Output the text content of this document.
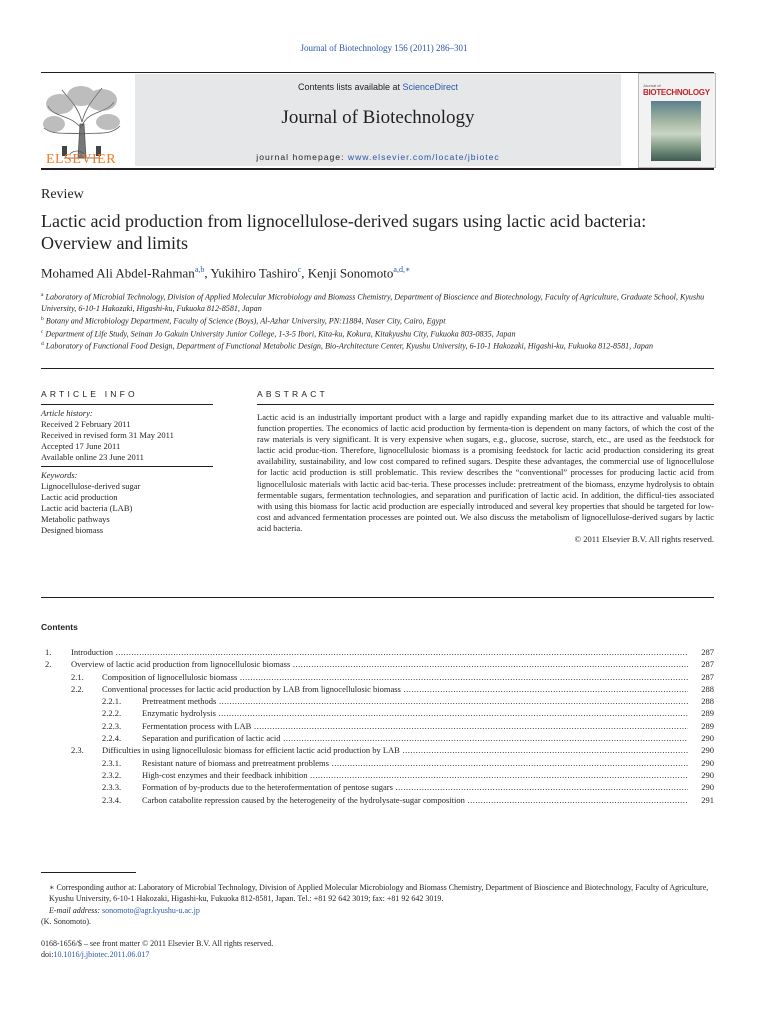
Journal of Biotechnology 156 (2011) 286–301
ELSEVIER
Contents lists available at ScienceDirect
Journal of Biotechnology
journal homepage: www.elsevier.com/locate/jbiotec
Journal of
BIOTECHNOLOGY
Review
Lactic acid production from lignocellulose-derived sugars using lactic acid bacteria: Overview and limits
Mohamed Ali Abdel-Rahman$^{a,b}$, Yukihiro Tashiro$^c$, Kenji Sonomoto$^{a,d,∗}$
$^a$ Laboratory of Microbial Technology, Division of Applied Molecular Microbiology and Biomass Chemistry, Department of Bioscience and Biotechnology, Faculty of Agriculture, Graduate School, Kyushu University, 6-10-1 Hakozaki, Higashi-ku, Fukuoka 812-8581, Japan
$^b$ Botany and Microbiology Department, Faculty of Science (Boys), Al-Azhar University, PN:11884, Naser City, Cairo, Egypt
$^c$ Department of Life Study, Seinan Jo Gakuin University Junior College, 1-3-5 Ibori, Kita-ku, Kokura, Kitakyushu City, Fukuoka 803-0835, Japan
$^d$ Laboratory of Functional Food Design, Department of Functional Metabolic Design, Bio-Architecture Center, Kyushu University, 6-10-1 Hakozaki, Higashi-ku, Fukuoka 812-8581, Japan
ARTICLE INFO
Article history:
Received 2 February 2011
Received in revised form 31 May 2011
Accepted 17 June 2011
Available online 23 June 2011
Keywords:
Lignocellulose-derived sugar
Lactic acid production
Lactic acid bacteria (LAB)
Metabolic pathways
Designed biomass
ABSTRACT
Lactic acid is an industrially important product with a large and rapidly expanding market due to its attractive and valuable multi-function properties. The economics of lactic acid production by fermenta-tion is dependent on many factors, of which the cost of the raw materials is very significant. It is very expensive when sugars, e.g., glucose, sucrose, starch, etc., are used as the feedstock for lactic acid produc-tion. Therefore, lignocellulosic biomass is a promising feedstock for lactic acid production considering its great availability, sustainability, and low cost compared to refined sugars. Despite these advantages, the commercial use of lignocellulose for lactic acid production is still problematic. This review describes the “conventional” processes for producing lactic acid from lignocellulosic materials with lactic acid bac-teria. These processes include: pretreatment of the biomass, enzyme hydrolysis to obtain fermentable sugars, fermentation technologies, and separation and purification of lactic acid. In addition, the difficul-ties associated with using this biomass for lactic acid production are especially introduced and several key properties that should be targeted for low-cost and advanced fermentation processes are pointed out. We also discuss the metabolism of lignocellulose-derived sugars by lactic acid bacteria.
© 2011 Elsevier B.V. All rights reserved.
Contents
1. Introduction .....	287
2. Overview of lactic acid production from lignocellulosic biomass .....	287
2.1. Composition of lignocellulosic biomass .....	287
2.2. Conventional processes for lactic acid production by LAB from lignocellulosic biomass .....	288
2.2.1. Pretreatment methods .....	288
2.2.2. Enzymatic hydrolysis .....	289
2.2.3. Fermentation process with LAB .....	289
2.2.4. Separation and purification of lactic acid .....	290
2.3. Difficulties in using lignocellulosic biomass for efficient lactic acid production by LAB .....	290
2.3.1. Resistant nature of biomass and pretreatment problems .....	290
2.3.2. High-cost enzymes and their feedback inhibition .....	290
2.3.3. Formation of by-products due to the heterofermentation of pentose sugars .....	290
2.3.4. Carbon catabolite repression caused by the heterogeneity of the hydrolysate-sugar composition .....	291
∗ Corresponding author at: Laboratory of Microbial Technology, Division of Applied Molecular Microbiology and Biomass Chemistry, Department of Bioscience and Biotechnology, Faculty of Agriculture, Kyushu University, 6-10-1 Hakozaki, Higashi-ku, Fukuoka 812-8581, Japan. Tel.: +81 92 642 3019; fax: +81 92 642 3019.
E-mail address: sonomoto@agr.kyushu-u.ac.jp
(K. Sonomoto).
0168-1656/$ – see front matter © 2011 Elsevier B.V. All rights reserved.
doi:10.1016/j.jbiotec.2011.06.017
